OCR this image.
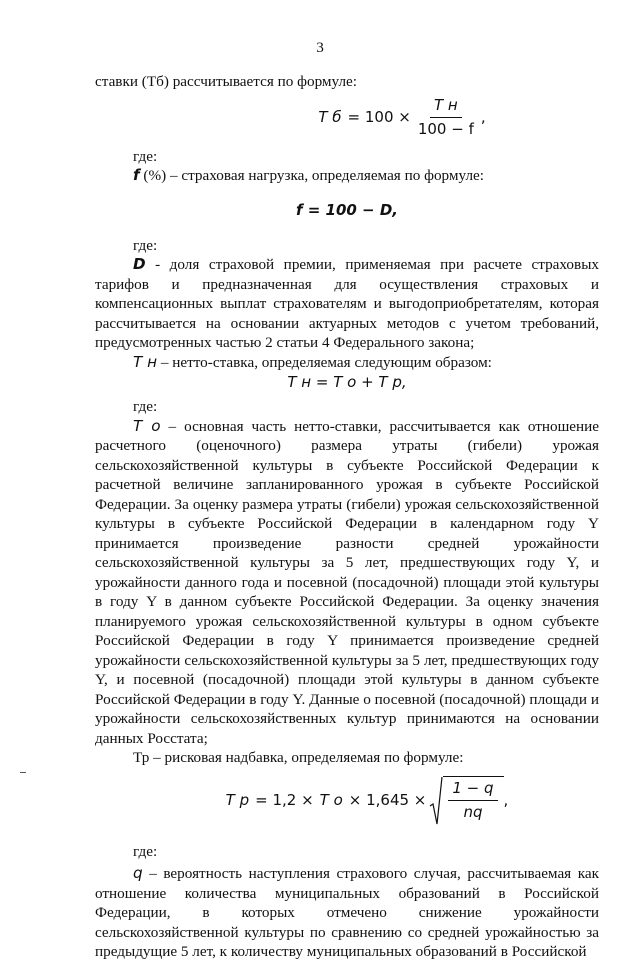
3

ставки (Тб) рассчитывается по формуле:

Т $б = 100 \times \frac{\text{Т н}}{100 - f}$ ,

где:

f (%) – страховая нагрузка, определяемая по формуле:

f = 100 − D,

где:

D - доля страховой премии, применяемая при расчете страховых тарифов и предназначенная для осуществления страховых и компенсационных выплат страхователям и выгодоприобретателям, которая рассчитывается на основании актуарных методов с учетом требований, предусмотренных частью 2 статьи 4 Федерального закона;

Т н – нетто-ставка, определяемая следующим образом:

Т н = Т о + Т р,

где:

Т о – основная часть нетто-ставки, рассчитывается как отношение расчетного (оценочного) размера утраты (гибели) урожая сельскохозяйственной культуры в субъекте Российской Федерации к расчетной величине запланированного урожая в субъекте Российской Федерации. За оценку размера утраты (гибели) урожая сельскохозяйственной культуры в субъекте Российской Федерации в календарном году Y принимается произведение разности средней урожайности сельскохозяйственной культуры за 5 лет, предшествующих году Y, и урожайности данного года и посевной (посадочной) площади этой культуры в году Y в данном субъекте Российской Федерации. За оценку значения планируемого урожая сельскохозяйственной культуры в одном субъекте Российской Федерации в году Y принимается произведение средней урожайности сельскохозяйственной культуры за 5 лет, предшествующих году Y, и посевной (посадочной) площади этой культуры в данном субъекте Российской Федерации в году Y. Данные о посевной (посадочной) площади и урожайности сельскохозяйственных культур принимаются на основании данных Росстата;

Тр – рисковая надбавка, определяемая по формуле:

Т р = 1,2 × Т $о \times 1,645 \times \frac{1 - q}{nq}$ ,

где:

q – вероятность наступления страхового случая, рассчитываемая как отношение количества муниципальных образований в Российской Федерации, в которых отмечено снижение урожайности сельскохозяйственной культуры по сравнению со средней урожайностью за предыдущие 5 лет, к количеству муниципальных образований в Российской
